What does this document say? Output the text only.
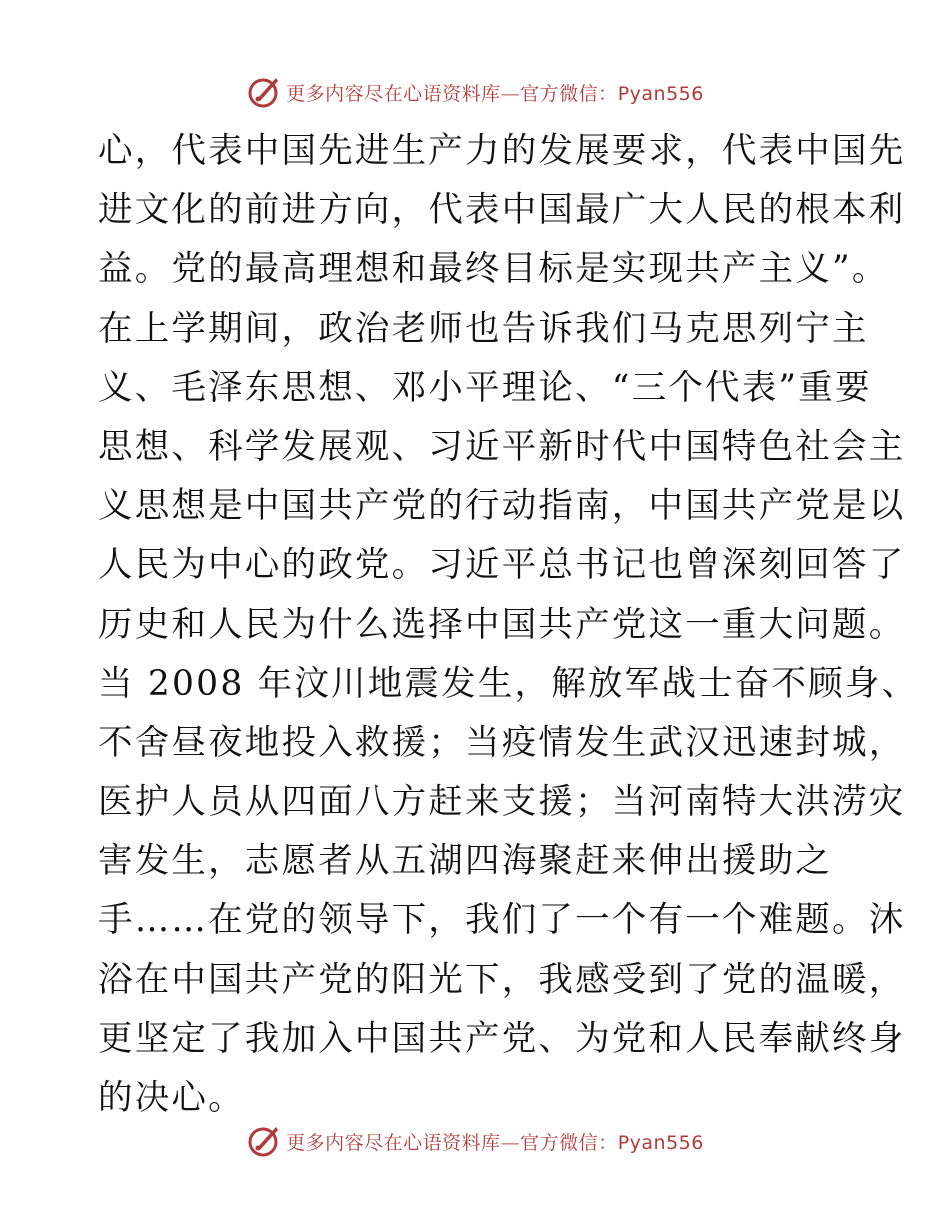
更多内容尽在心语资料库—官方微信：Pyan556
心，代表中国先进生产力的发展要求，代表中国先
进文化的前进方向，代表中国最广大人民的根本利
益。党的最高理想和最终目标是实现共产主义”。
在上学期间，政治老师也告诉我们马克思列宁主
义、毛泽东思想、邓小平理论、“三个代表”重要
思想、科学发展观、习近平新时代中国特色社会主
义思想是中国共产党的行动指南，中国共产党是以
人民为中心的政党。习近平总书记也曾深刻回答了
历史和人民为什么选择中国共产党这一重大问题。
当 2008 年汶川地震发生，解放军战士奋不顾身、
不舍昼夜地投入救援；当疫情发生武汉迅速封城，
医护人员从四面八方赶来支援；当河南特大洪涝灾
害发生，志愿者从五湖四海聚赶来伸出援助之
手……在党的领导下，我们了一个有一个难题。沐
浴在中国共产党的阳光下，我感受到了党的温暖，
更坚定了我加入中国共产党、为党和人民奉献终身
的决心。
更多内容尽在心语资料库—官方微信：Pyan556
